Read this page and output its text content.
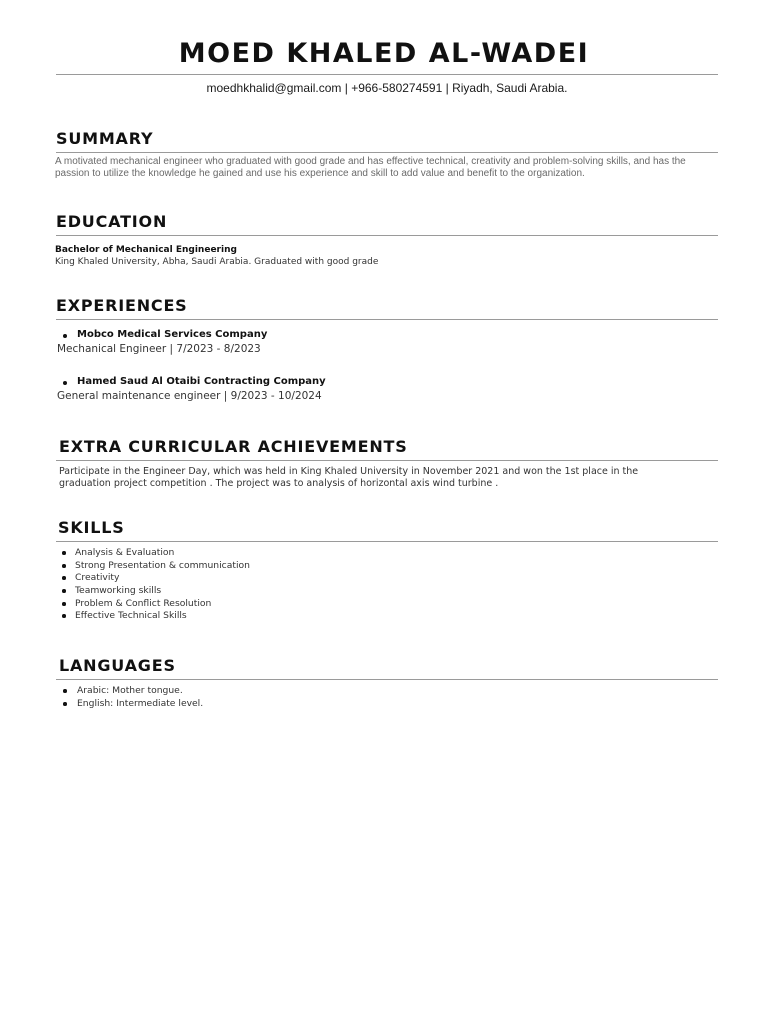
MOED KHALED AL-WADEI
moedhkhalid@gmail.com | +966-580274591 | Riyadh, Saudi Arabia.
SUMMARY
A motivated mechanical engineer who graduated with good grade and has effective technical, creativity and problem-solving skills, and has the passion to utilize the knowledge he gained and use his experience and skill to add value and benefit to the organization.
EDUCATION
Bachelor of Mechanical Engineering
King Khaled University, Abha, Saudi Arabia. Graduated with good grade
EXPERIENCES
Mobco Medical Services Company
Mechanical Engineer | 7/2023 - 8/2023
Hamed Saud Al Otaibi Contracting Company
General maintenance engineer | 9/2023 - 10/2024
EXTRA CURRICULAR ACHIEVEMENTS
Participate in the Engineer Day, which was held in King Khaled University in November 2021 and won the 1st place in the
graduation project competition . The project was to analysis of horizontal axis wind turbine .
SKILLS
Analysis & Evaluation
Strong Presentation & communication
Creativity
Teamworking skills
Problem & Conflict Resolution
Effective Technical Skills
LANGUAGES
Arabic: Mother tongue.
English: Intermediate level.
